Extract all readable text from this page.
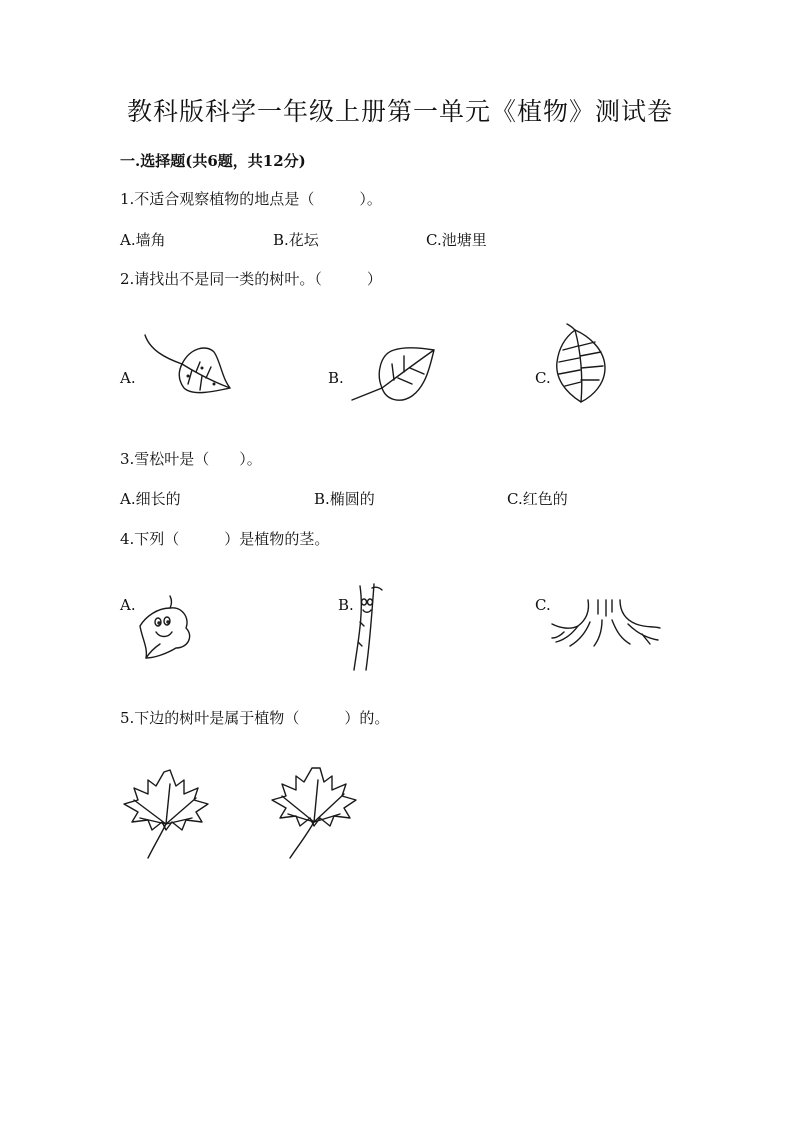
教科版科学一年级上册第一单元《植物》测试卷
一.选择题(共6题，共12分)
1.不适合观察植物的地点是（　　　）。
A.墙角	B.花坛	C.池塘里
2.请找出不是同一类的树叶。（　　　）
A.	B.	C.
3.雪松叶是（　　）。
A.细长的	B.椭圆的	C.红色的
4.下列（　　　）是植物的茎。
A.	B.	C.
5.下边的树叶是属于植物（　　　）的。
